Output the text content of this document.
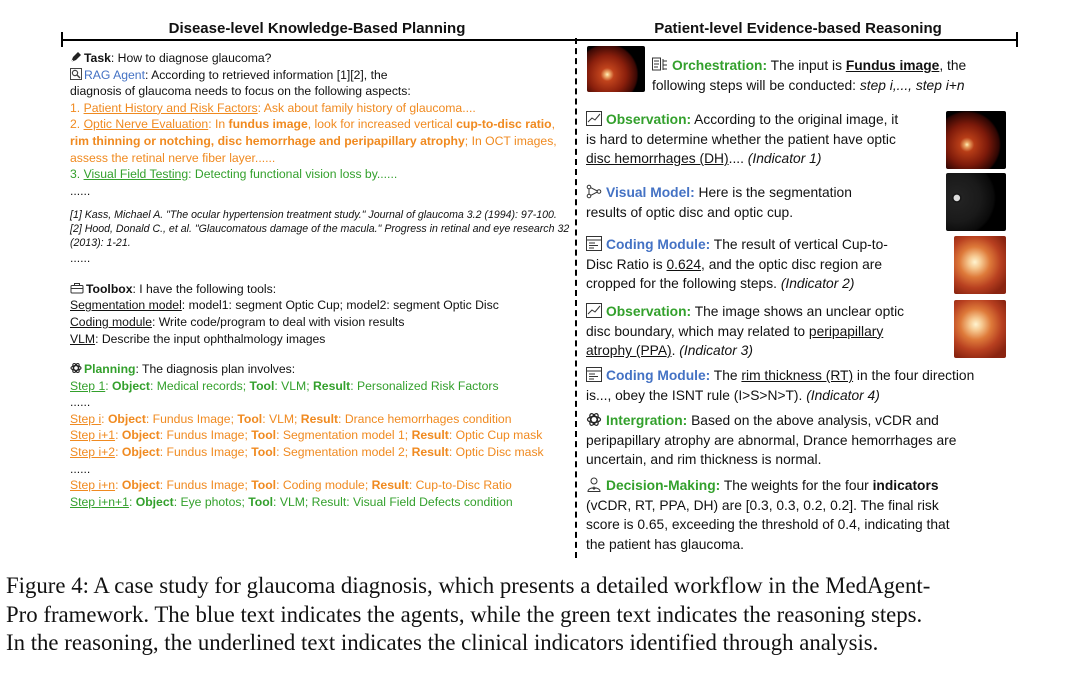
Disease-level Knowledge-Based Planning	Patient-level Evidence-based Reasoning

Task: How to diagnose glaucoma?

RAG Agent: According to retrieved information [1][2], the

diagnosis of glaucoma needs to focus on the following aspects:

1. Patient History and Risk Factors: Ask about family history of glaucoma....

2. Optic Nerve Evaluation: In fundus image, look for increased vertical cup-to-disc ratio,

rim thinning or notching, disc hemorrhage and peripapillary atrophy; In OCT images,

assess the retinal nerve fiber layer......

3. Visual Field Testing: Detecting functional vision loss by......

......

[1] Kass, Michael A. "The ocular hypertension treatment study." Journal of glaucoma 3.2 (1994): 97-100.

[2] Hood, Donald C., et al. "Glaucomatous damage of the macula." Progress in retinal and eye research 32 (2013): 1-21.

......

Toolbox: I have the following tools:

Segmentation model: model1: segment Optic Cup; model2: segment Optic Disc

Coding module: Write code/program to deal with vision results

VLM: Describe the input ophthalmology images

Planning: The diagnosis plan involves:

Step 1: Object: Medical records; Tool: VLM; Result: Personalized Risk Factors

......

Step i: Object: Fundus Image; Tool: VLM; Result: Drance hemorrhages condition

Step i+1: Object: Fundus Image; Tool: Segmentation model 1; Result: Optic Cup mask

Step i+2: Object: Fundus Image; Tool: Segmentation model 2; Result: Optic Disc mask

......

Step i+n: Object: Fundus Image; Tool: Coding module; Result: Cup-to-Disc Ratio

Step i+n+1: Object: Eye photos; Tool: VLM; Result: Visual Field Defects condition

Orchestration: The input is Fundus image, the

following steps will be conducted: step i,..., step i+n

Observation: According to the original image, it

is hard to determine whether the patient have optic

disc hemorrhages (DH).... (Indicator 1)

Visual Model: Here is the segmentation

results of optic disc and optic cup.

Coding Module: The result of vertical Cup-to-

Disc Ratio is 0.624, and the optic disc region are

cropped for the following steps. (Indicator 2)

Observation: The image shows an unclear optic

disc boundary, which may related to peripapillary

atrophy (PPA). (Indicator 3)

Coding Module: The rim thickness (RT) in the four direction

is..., obey the ISNT rule (I>S>N>T). (Indicator 4)

Intergration: Based on the above analysis, vCDR and

peripapillary atrophy are abnormal, Drance hemorrhages are

uncertain, and rim thickness is normal.

Decision-Making: The weights for the four indicators

(vCDR, RT, PPA, DH) are [0.3, 0.3, 0.2, 0.2]. The final risk

score is 0.65, exceeding the threshold of 0.4, indicating that

the patient has glaucoma.

Figure 4: A case study for glaucoma diagnosis, which presents a detailed workflow in the MedAgent-

Pro framework. The blue text indicates the agents, while the green text indicates the reasoning steps.

In the reasoning, the underlined text indicates the clinical indicators identified through analysis.
